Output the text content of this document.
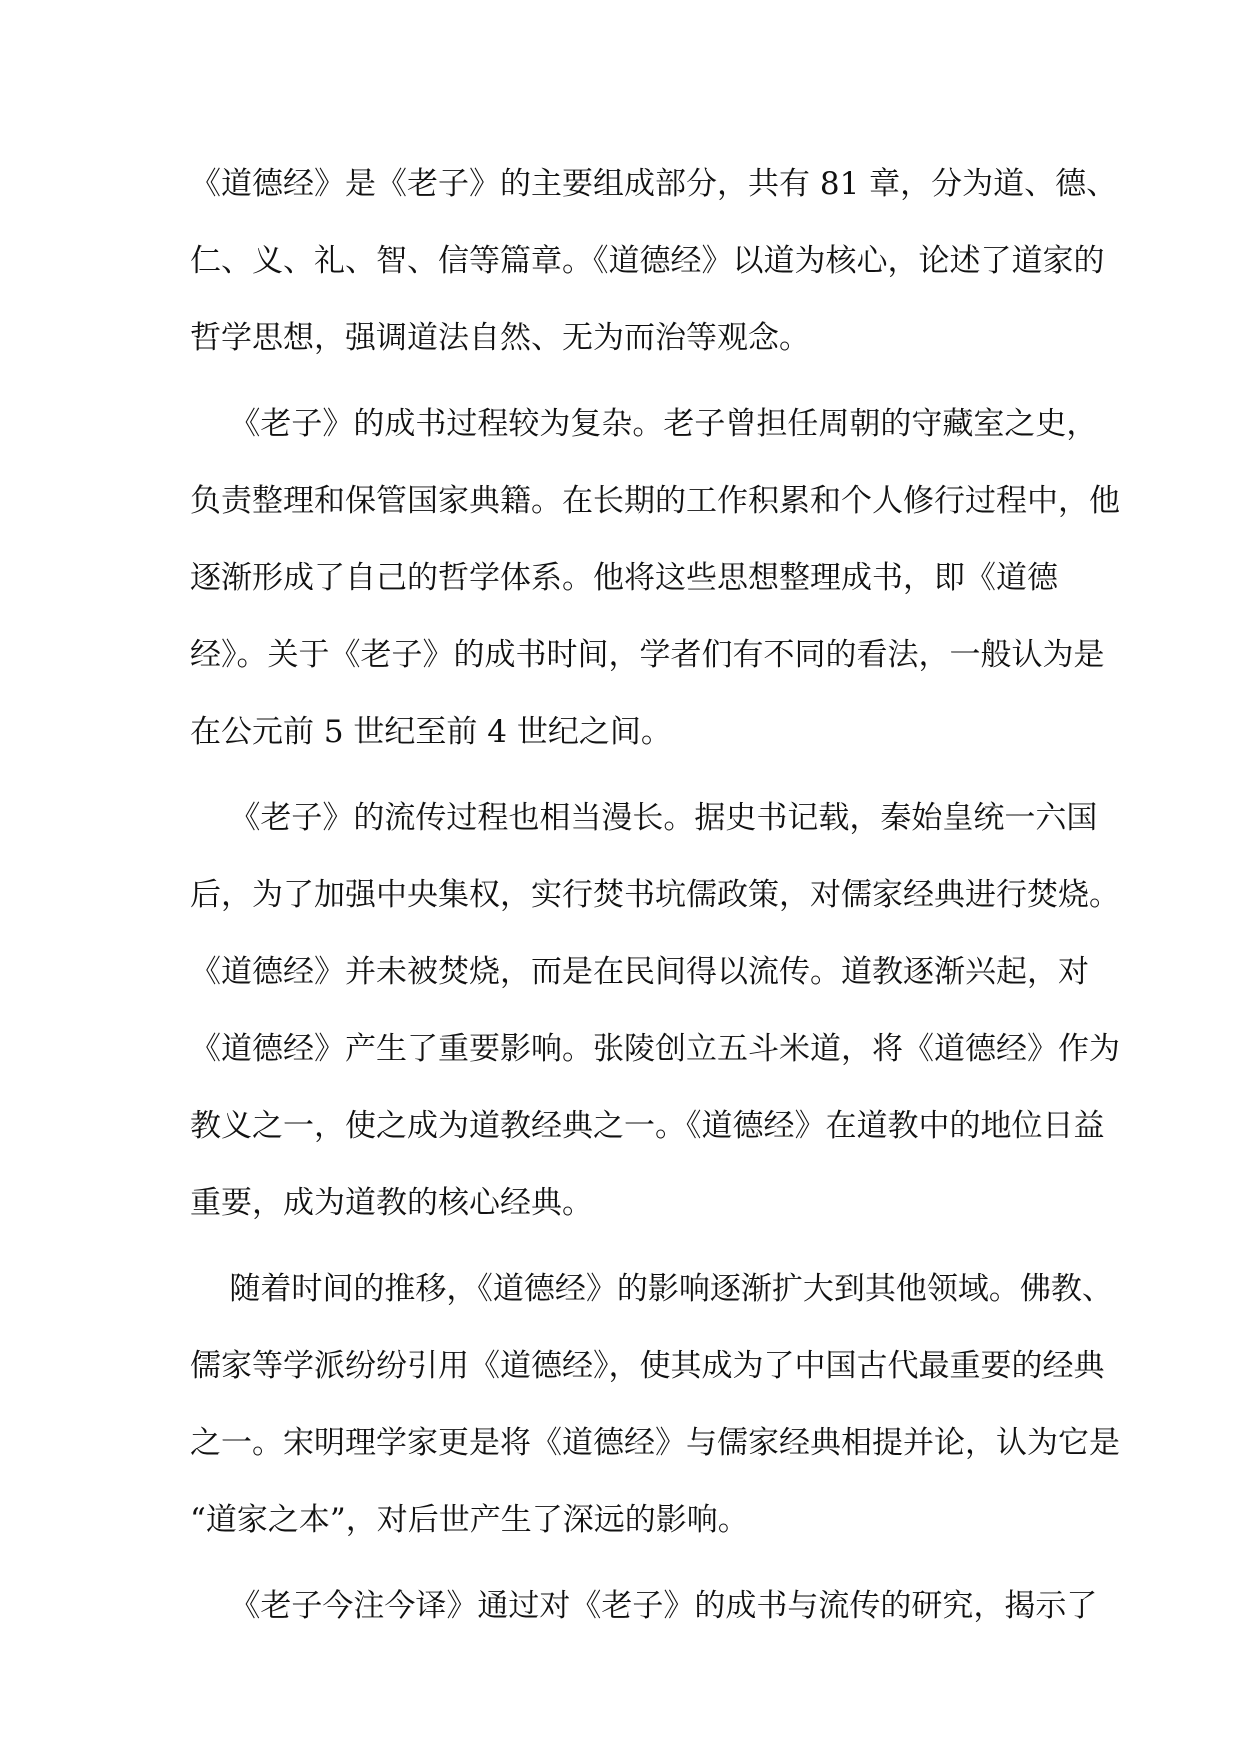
《道德经》是《老子》的主要组成部分，共有 81 章，分为道、德、

仁、义、礼、智、信等篇章。《道德经》以道为核心，论述了道家的

哲学思想，强调道法自然、无为而治等观念。

《老子》的成书过程较为复杂。老子曾担任周朝的守藏室之史，

负责整理和保管国家典籍。在长期的工作积累和个人修行过程中，他

逐渐形成了自己的哲学体系。他将这些思想整理成书，即《道德

经》。关于《老子》的成书时间，学者们有不同的看法，一般认为是

在公元前 5 世纪至前 4 世纪之间。

《老子》的流传过程也相当漫长。据史书记载，秦始皇统一六国

后，为了加强中央集权，实行焚书坑儒政策，对儒家经典进行焚烧。

《道德经》并未被焚烧，而是在民间得以流传。道教逐渐兴起，对

《道德经》产生了重要影响。张陵创立五斗米道，将《道德经》作为

教义之一，使之成为道教经典之一。《道德经》在道教中的地位日益

重要，成为道教的核心经典。

随着时间的推移，《道德经》的影响逐渐扩大到其他领域。佛教、

儒家等学派纷纷引用《道德经》，使其成为了中国古代最重要的经典

之一。宋明理学家更是将《道德经》与儒家经典相提并论，认为它是

“道家之本”，对后世产生了深远的影响。

《老子今注今译》通过对《老子》的成书与流传的研究，揭示了
